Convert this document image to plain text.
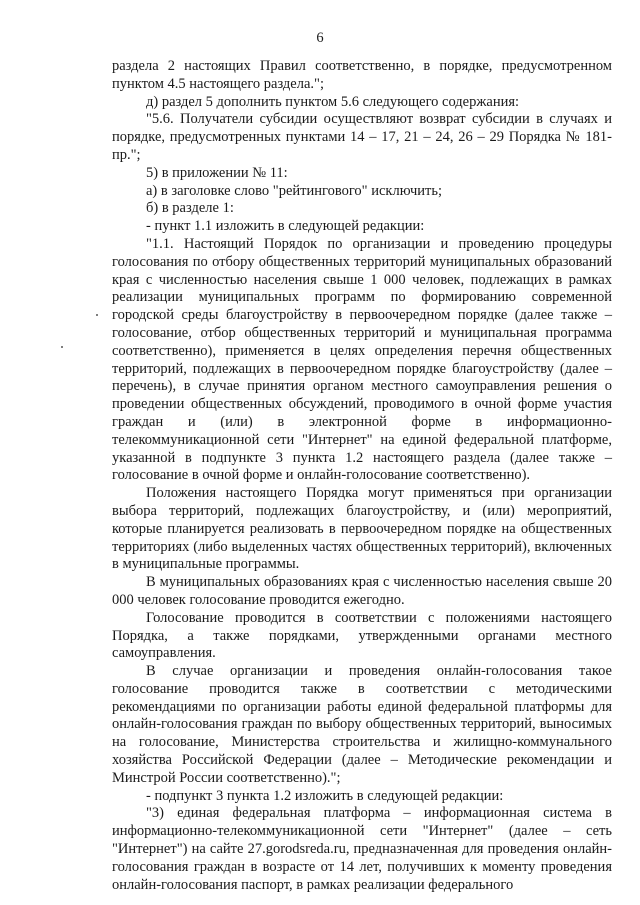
6

раздела 2 настоящих Правил соответственно, в порядке, предусмотренном пунктом 4.5 настоящего раздела.";

д) раздел 5 дополнить пунктом 5.6 следующего содержания:

"5.6. Получатели субсидии осуществляют возврат субсидии в случаях и порядке, предусмотренных пунктами 14 – 17, 21 – 24, 26 – 29 Порядка № 181-пр.";

5) в приложении № 11:

а) в заголовке слово "рейтингового" исключить;

б) в разделе 1:

- пункт 1.1 изложить в следующей редакции:

"1.1. Настоящий Порядок по организации и проведению процедуры голосования по отбору общественных территорий муниципальных образований края с численностью населения свыше 1 000 человек, подлежащих в рамках реализации муниципальных программ по формированию современной городской среды благоустройству в первоочередном порядке (далее также – голосование, отбор общественных территорий и муниципальная программа соответственно), применяется в целях определения перечня общественных территорий, подлежащих в первоочередном порядке благоустройству (далее – перечень), в случае принятия органом местного самоуправления решения о проведении общественных обсуждений, проводимого в очной форме участия граждан и (или) в электронной форме в информационно-телекоммуникационной сети "Интернет" на единой федеральной платформе, указанной в подпункте 3 пункта 1.2 настоящего раздела (далее также – голосование в очной форме и онлайн-голосование соответственно).

Положения настоящего Порядка могут применяться при организации выбора территорий, подлежащих благоустройству, и (или) мероприятий, которые планируется реализовать в первоочередном порядке на общественных территориях (либо выделенных частях общественных территорий), включенных в муниципальные программы.

В муниципальных образованиях края с численностью населения свыше 20 000 человек голосование проводится ежегодно.

Голосование проводится в соответствии с положениями настоящего Порядка, а также порядками, утвержденными органами местного самоуправления.

В случае организации и проведения онлайн-голосования такое голосование проводится также в соответствии с методическими рекомендациями по организации работы единой федеральной платформы для онлайн-голосования граждан по выбору общественных территорий, выносимых на голосование, Министерства строительства и жилищно-коммунального хозяйства Российской Федерации (далее – Методические рекомендации и Минстрой России соответственно).";

- подпункт 3 пункта 1.2 изложить в следующей редакции:

"3) единая федеральная платформа – информационная система в информационно-телекоммуникационной сети "Интернет" (далее – сеть "Интернет") на сайте 27.gorodsreda.ru, предназначенная для проведения онлайн-голосования граждан в возрасте от 14 лет, получивших к моменту проведения онлайн-голосования паспорт, в рамках реализации федерального
